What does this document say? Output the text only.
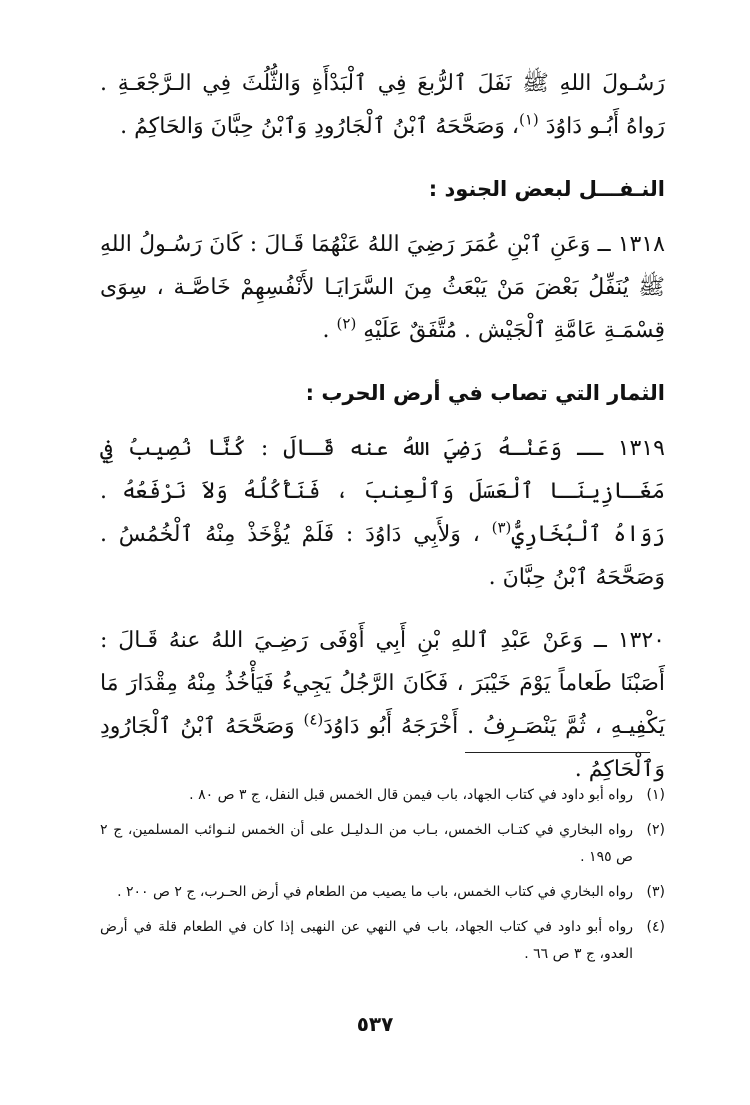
رَسُـولَ اللهِ ﷺ نَفَلَ ٱلرُّبعَ فِي ٱلْبَدْأَةِ وَالثُّلُثَ فِي الـرَّجْعَـةِ . رَواهُ أَبُـو دَاوُدَ $^{(١)}$، وَصَحَّحَهُ ٱبْنُ ٱلْجَارُودِ وَٱبْنُ حِبَّانَ وَالحَاكِمُ .

النـفـــل لبعض الجنود :

١٣١٨ ــ وَعَنِ ٱبْنِ عُمَرَ رَضِيَ اللهُ عَنْهُمَا قَـالَ : كَانَ رَسُـولُ اللهِ ﷺ يُنَفِّلُ بَعْضَ مَنْ يَبْعَثُ مِنَ السَّرَايَـا لأَنْفُسِهِمْ خَاصَّـة ، سِوَى قِسْمَـةِ عَامَّةِ ٱلْجَيْش . مُتَّفَقٌ عَلَيْهِ $^{(٢)}$ .

الثمار التي تصاب في أرض الحرب :

١٣١٩ ــ وَعَنْـهُ رَضِيَ اللهُ عنه قَـالَ : كُنَّا نُصِيبُ فِي مَغَـازِينَـا ٱلْعَسَلَ وَٱلْعِنبَ ، فَنَأْكُلُهُ وَلاَ نَرْفَعُهُ . رَوَاهُ ٱلْبُخَارِيُّ$^{(٣)}$ ، وَلأَبِي دَاوُدَ : فَلَمْ يُؤْخَذْ مِنْهُ ٱلْخُمُسُ . وَصَحَّحَهُ ٱبْنُ حِبَّانَ .

١٣٢٠ ــ وَعَنْ عَبْدِ ٱللهِ بْنِ أَبِي أَوْفَى رَضِـيَ اللهُ عنهُ قَـالَ : أَصَبْنَا طَعاماً يَوْمَ خَيْبَرَ ، فَكَانَ الرَّجُلُ يَجِيءُ فَيَأْخُذُ مِنْهُ مِقْدَارَ مَا يَكْفِيـهِ ، ثُمَّ يَنْصَـرِفُ . أَخْرَجَهُ أَبُو دَاوُدَ$^{(٤)}$ وَصَحَّحَهُ ٱبْنُ ٱلْجَارُودِ وَٱلْحَاكِمُ .

(١)
رواه أبو داود في كتاب الجهاد، باب فيمن قال الخمس قبل النفل، ج ٣ ص ٨٠ .
(٢)
رواه البخاري في كتـاب الخمس، بـاب من الـدليـل على أن الخمس لنـوائب المسلمين، ج ٢ ص ١٩٥ .
(٣)
رواه البخاري في كتاب الخمس، باب ما يصيب من الطعام في أرض الحـرب، ج ٢ ص ٢٠٠ .
(٤)
رواه أبو داود في كتاب الجهاد، باب في النهي عن النهبى إذا كان في الطعام قلة في أرض العدو، ج ٣ ص ٦٦ .
٥٣٧
